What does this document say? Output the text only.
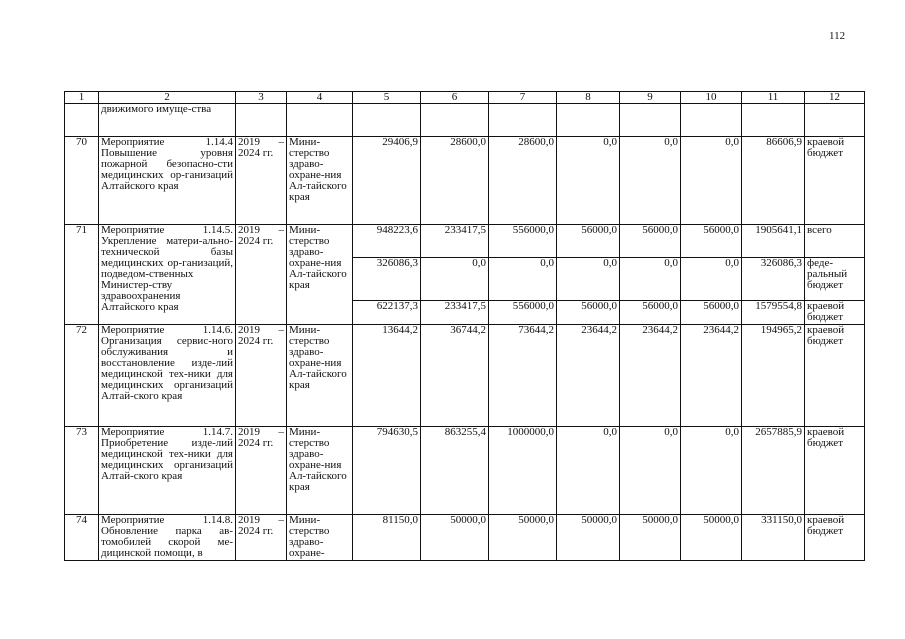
112
1	2	3	4	5	6	7	8	9	10	11	12
	движимого имуще-ства										
70	Мероприятие 1.14.4 Повышение уровня пожарной безопасно-сти медицинских ор-ганизаций Алтайского края	2019 – 2024 гг.	Мини-стерство здраво-охране-ния Ал-тайского края	29406,9	28600,0	28600,0	0,0	0,0	0,0	86606,9	краевой бюджет
71	Мероприятие 1.14.5. Укрепление матери-ально-технической базы медицинских ор-ганизаций, подведом-ственных Министер-ству здравоохранения Алтайского края	2019 – 2024 гг.	Мини-стерство здраво-охране-ния Ал-тайского края	948223,6	233417,5	556000,0	56000,0	56000,0	56000,0	1905641,1	всего
				326086,3	0,0	0,0	0,0	0,0	0,0	326086,3	феде-ральный бюджет
				622137,3	233417,5	556000,0	56000,0	56000,0	56000,0	1579554,8	краевой бюджет
72	Мероприятие 1.14.6. Организация сервис-ного обслуживания и восстановление изде-лий медицинской тех-ники для медицинских организаций Алтай-ского края	2019 – 2024 гг.	Мини-стерство здраво-охране-ния Ал-тайского края	13644,2	36744,2	73644,2	23644,2	23644,2	23644,2	194965,2	краевой бюджет
73	Мероприятие 1.14.7. Приобретение изде-лий медицинской тех-ники для медицинских организаций Алтай-ского края	2019 – 2024 гг.	Мини-стерство здраво-охране-ния Ал-тайского края	794630,5	863255,4	1000000,0	0,0	0,0	0,0	2657885,9	краевой бюджет
74	Мероприятие 1.14.8. Обновление парка ав-томобилей скорой ме-дицинской помощи, в	2019 – 2024 гг.	Мини-стерство здраво-охране-	81150,0	50000,0	50000,0	50000,0	50000,0	50000,0	331150,0	краевой бюджет
